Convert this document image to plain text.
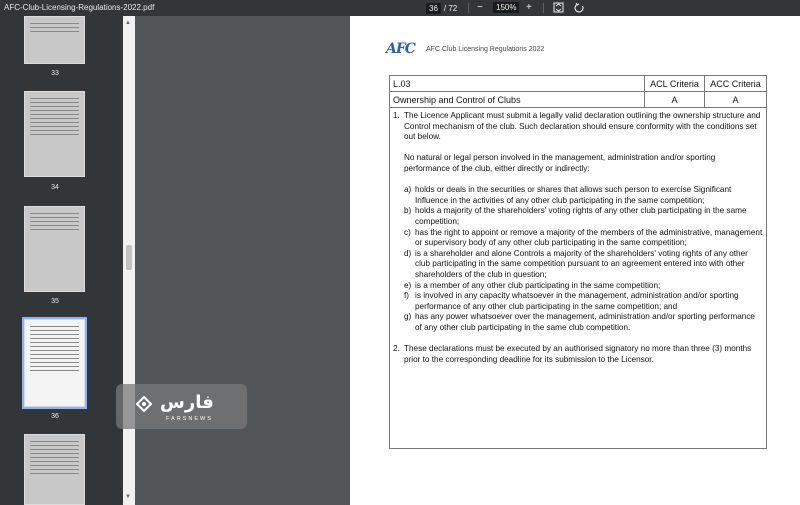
AFC-Club-Licensing-Regulations-2022.pdf	36 / 72 −	150% +
33
34
35
36
▲
▼
AFC AFC Club Licensing Regulations 2022
L.03	ACL Criteria	ACC Criteria
Ownership and Control of Clubs	A	A
1. The Licence Applicant must submit a legally valid declaration outlining the ownership structure and Control mechanism of the club. Such declaration should ensure conformity with the conditions set out below.

No natural or legal person involved in the management, administration and/or sporting performance of the club, either directly or indirectly:

a) holds or deals in the securities or shares that allows such person to exercise Significant Influence in the activities of any other club participating in the same competition;
b) holds a majority of the shareholders' voting rights of any other club participating in the same competition;
c) has the right to appoint or remove a majority of the members of the administrative, management or supervisory body of any other club participating in the same competition;
d) is a shareholder and alone Controls a majority of the shareholders' voting rights of any other club participating in the same competition pursuant to an agreement entered into with other shareholders of the club in question;
e) is a member of any other club participating in the same competition;
f) is involved in any capacity whatsoever in the management, administration and/or sporting performance of any other club participating in the same competition; and
g) has any power whatsoever over the management, administration and/or sporting performance of any other club participating in the same club competition.
2. These declarations must be executed by an authorised signatory no more than three (3) months prior to the corresponding deadline for its submission to the Licensor.
فارس
FARSNEWS
